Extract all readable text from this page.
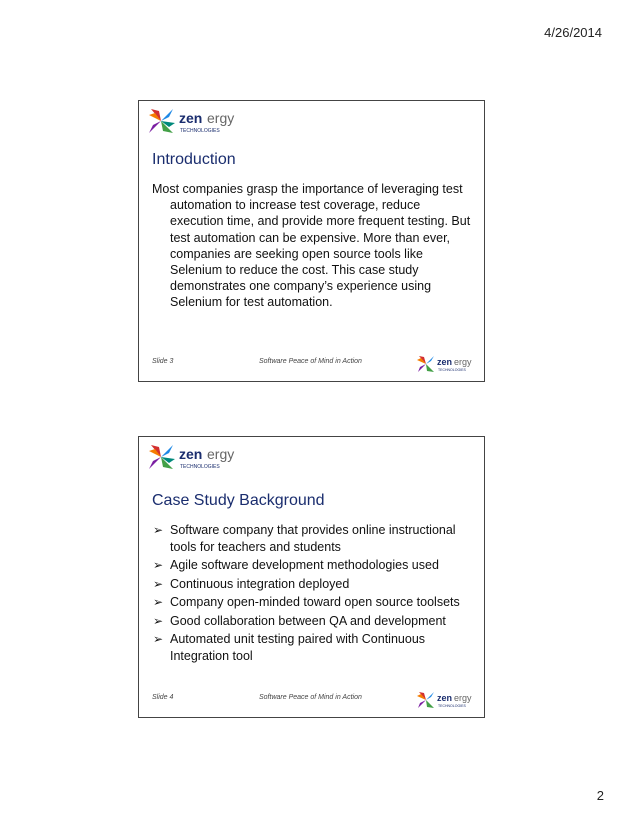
4/26/2014
zen ergy
TECHNOLOGIES
Introduction

Most companies grasp the importance of leveraging test automation to increase test coverage, reduce execution time, and provide more frequent testing. But test automation can be expensive. More than ever, companies are seeking open source tools like Selenium to reduce the cost. This case study demonstrates one company’s experience using Selenium for test automation.

Slide 3	Software Peace of Mind in Action	zen ergy
TECHNOLOGIES
zen ergy
TECHNOLOGIES
Case Study Background
➢ Software company that provides online instructional tools for teachers and students
➢ Agile software development methodologies used
➢ Continuous integration deployed
➢ Company open-minded toward open source toolsets
➢ Good collaboration between QA and development
➢ Automated unit testing paired with Continuous Integration tool
Slide 4	Software Peace of Mind in Action	zen ergy
TECHNOLOGIES
2
